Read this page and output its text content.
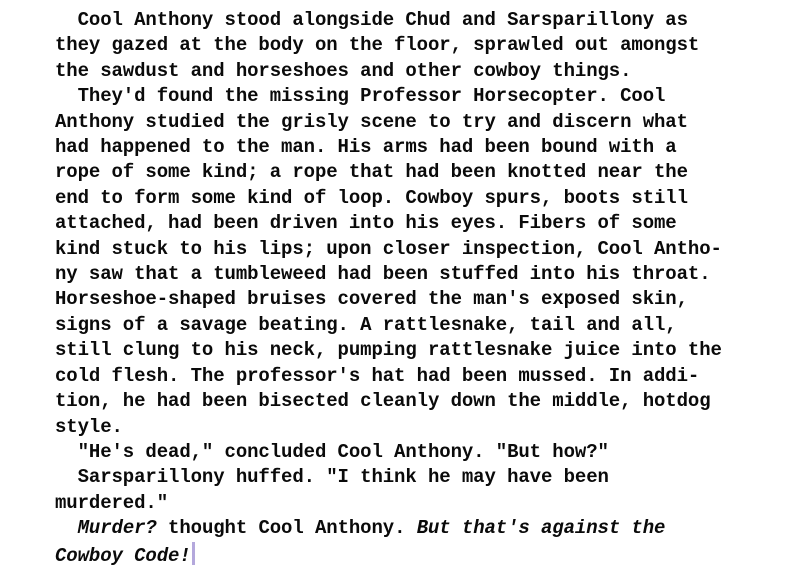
Cool Anthony stood alongside Chud and Sarsparillony as
they gazed at the body on the floor, sprawled out amongst
the sawdust and horseshoes and other cowboy things.
They'd found the missing Professor Horsecopter. Cool
Anthony studied the grisly scene to try and discern what
had happened to the man. His arms had been bound with a
rope of some kind; a rope that had been knotted near the
end to form some kind of loop. Cowboy spurs, boots still
attached, had been driven into his eyes. Fibers of some
kind stuck to his lips; upon closer inspection, Cool Antho-
ny saw that a tumbleweed had been stuffed into his throat.
Horseshoe-shaped bruises covered the man's exposed skin,
signs of a savage beating. A rattlesnake, tail and all,
still clung to his neck, pumping rattlesnake juice into the
cold flesh. The professor's hat had been mussed. In addi-
tion, he had been bisected cleanly down the middle, hotdog
style.
"He's dead," concluded Cool Anthony. "But how?"
Sarsparillony huffed. "I think he may have been
murdered."
Murder? thought Cool Anthony. But that's against the
Cowboy Code!
